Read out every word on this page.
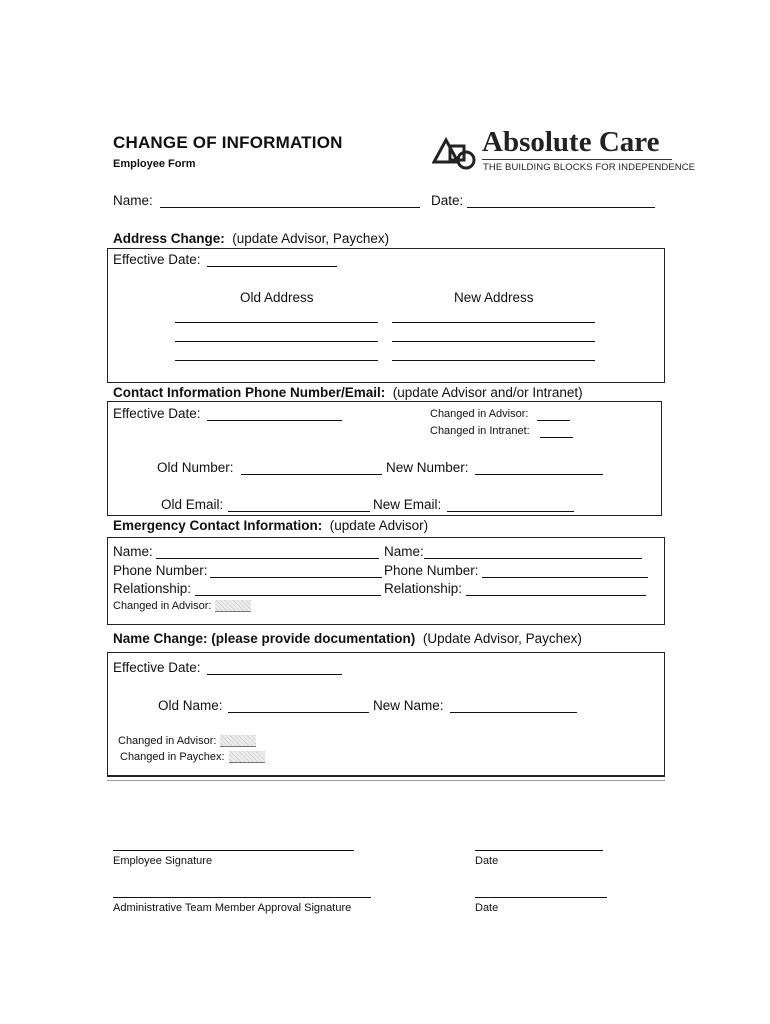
CHANGE OF INFORMATION
Employee Form
Absolute Care
THE BUILDING BLOCKS FOR INDEPENDENCE
Name:	Date:
Address Change: (update Advisor, Paychex)
Effective Date:
Old Address	New Address
Contact Information Phone Number/Email: (update Advisor and/or Intranet)
Effective Date:	Changed in Advisor:
Changed in Intranet:
Old Number:	New Number:
Old Email:	New Email:
Emergency Contact Information: (update Advisor)
Name:	Name:
Phone Number:	Phone Number:
Relationship:	Relationship:
Changed in Advisor:
Name Change: (please provide documentation) (Update Advisor, Paychex)
Effective Date:
Old Name:	New Name:
Changed in Advisor:
Changed in Paychex:
Employee Signature	Date
Administrative Team Member Approval Signature	Date
